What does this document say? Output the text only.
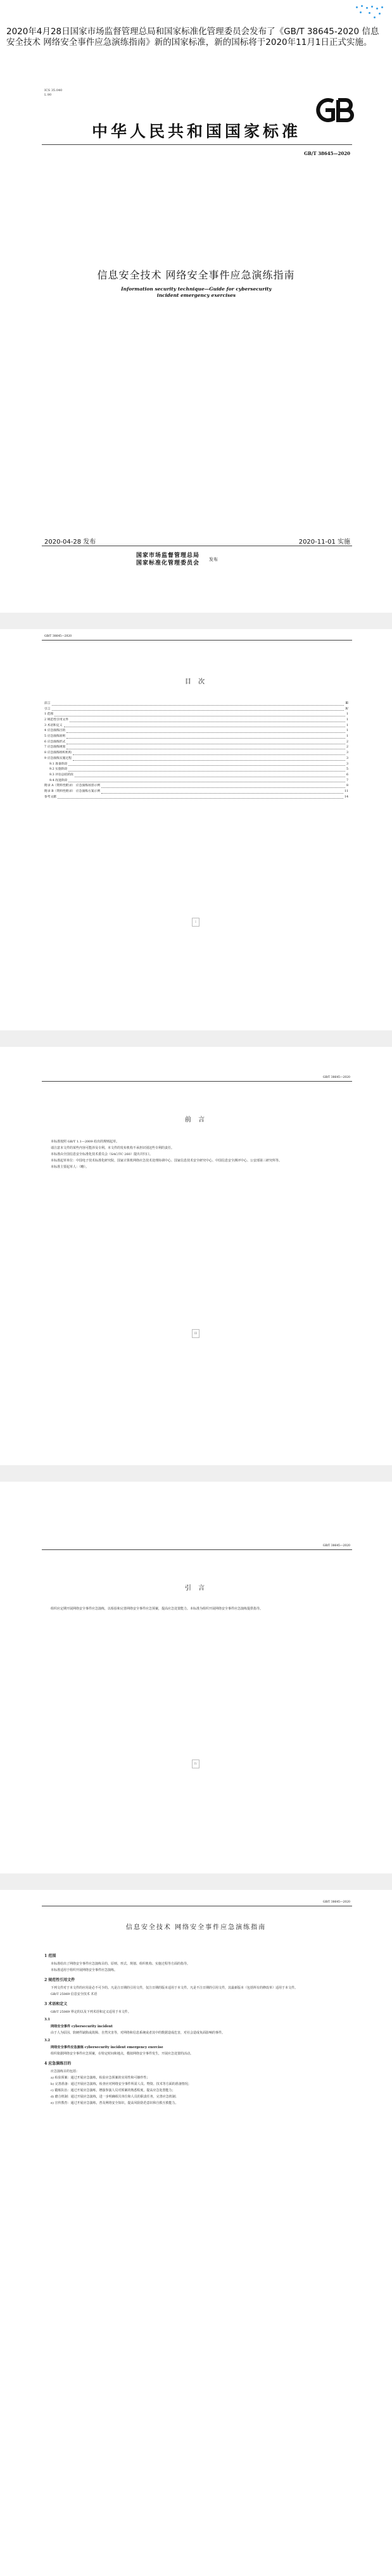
2020年4月28日国家市场监督管理总局和国家标准化管理委员会发布了《GB/T 38645-2020 信息安全技术 网络安全事件应急演练指南》新的国家标准，新的国标将于2020年11月1日正式实施。
ICS 35.040
L 80
中华人民共和国国家标准
GB/T 38645—2020
信息安全技术 网络安全事件应急演练指南
Information security technique—Guide for cybersecurity incident emergency exercises
2020-04-28 发布	2020-11-01 实施
国家市场监督管理总局
国家标准化管理委员会
发布
GB/T 38645—2020
目 次
前言	Ⅲ
引言	Ⅳ
1 范围	1
2 规范性引用文件	1
3 术语和定义	1
4 应急演练目的	1
5 应急演练原则	1
6 应急演练形式	2
7 应急演练规划	2
8 应急演练组织机构	3
9 应急演练实施过程	3
9.1 准备阶段	3
9.2 实施阶段	5
9.3 评估总结阶段	6
9.4 改进阶段	7
附录 A（资料性附录） 应急演练场景示例	8
附录 B（资料性附录） 应急演练方案示例	11
参考文献	14
Ⅰ
GB/T 38645—2020
前 言

本标准按照 GB/T 1.1—2009 给出的规则起草。

请注意本文件的某些内容可能涉及专利。本文件的发布机构不承担识别这些专利的责任。

本标准由全国信息安全标准化技术委员会（SAC/TC 260）提出并归口。

本标准起草单位：中国电子技术标准化研究院、国家计算机网络应急技术处理协调中心、国家信息技术安全研究中心、中国信息安全测评中心、公安部第三研究所等。

本标准主要起草人：（略）。

Ⅲ
GB/T 38645—2020
引 言

组织应定期开展网络安全事件应急演练，以检验和完善网络安全事件应急预案，提高应急处置能力。本标准为组织开展网络安全事件应急演练提供指导。

Ⅳ
GB/T 38645—2020
信息安全技术 网络安全事件应急演练指南
1 范围

本标准给出了网络安全事件应急演练目的、原则、形式、规划、组织机构、实施过程等方面的指导。

本标准适用于组织开展网络安全事件应急演练。

2 规范性引用文件

下列文件对于本文件的应用是必不可少的。凡是注日期的引用文件，仅注日期的版本适用于本文件。凡是不注日期的引用文件，其最新版本（包括所有的修改单）适用于本文件。

GB/T 25069 信息安全技术 术语

3 术语和定义

GB/T 25069 界定的以及下列术语和定义适用于本文件。

3.1

网络安全事件 cybersecurity incident

由于人为原因、软硬件缺陷或故障、自然灾害等，对网络和信息系统或者其中的数据造成危害，对社会造成负面影响的事件。

3.2

网络安全事件应急演练 cybersecurity incident emergency exercise

组织依据网络安全事件应急预案，在特定时间和地点，模拟网络安全事件发生，开展应急处置的活动。

4 应急演练目的

应急演练目的包括：

a) 检验预案：通过开展应急演练，检验应急预案的实用性和可操作性；

b) 完善准备：通过开展应急演练，检查应对网络安全事件所需人员、物资、技术等方面的准备情况；

c) 锻炼队伍：通过开展应急演练，增强参演人员对预案的熟悉程度，提高应急处置能力；

d) 磨合机制：通过开展应急演练，进一步明确相关单位和人员的职责任务，完善应急机制；

e) 宣传教育：通过开展应急演练，普及网络安全知识，提高风险防范意识和自救互救能力。
